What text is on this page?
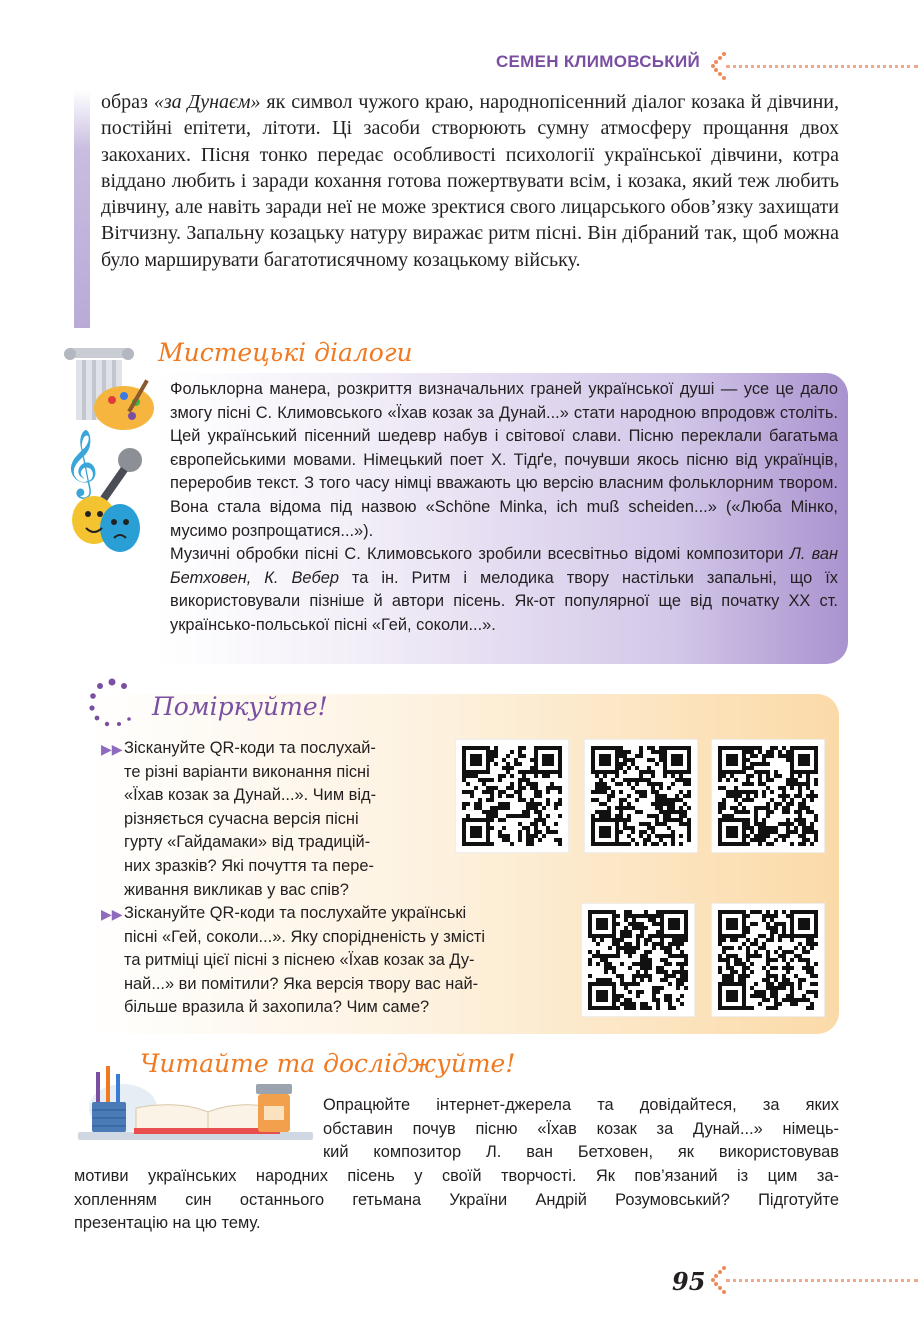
СЕМЕН КЛИМОВСЬКИЙ
образ «за Дунаєм» як символ чужого краю, народнопісенний діалог козака й дівчини, постійні епітети, літоти. Ці засоби створюють сумну атмосферу прощання двох закоханих. Пісня тонко передає особливості психології української дівчини, котра віддано любить і заради кохання готова пожертвувати всім, і козака, який теж любить дівчину, але навіть заради неї не може зректися свого лицарського обов’язку захищати Вітчизну. Запальну козацьку натуру виражає ритм пісні. Він дібраний так, щоб можна було марширувати багатотисячному козацькому війську.
𝄞
Мистецькі діалоги

Фольклорна манера, розкриття визначальних граней української душі — усе це дало змогу пісні С. Климовського «Їхав козак за Дунай...» стати народною впродовж століть. Цей український пісенний шедевр набув і світової слави. Пісню переклали багатьма європейськими мовами. Німецький поет Х. Тідґе, почувши якось пісню від українців, переробив текст. З того часу німці вважають цю версію власним фольклорним твором. Вона стала відома під назвою «Schöne Minka, ich muß scheiden...» («Люба Мінко, мусимо розпрощатися...»).

Музичні обробки пісні С. Климовського зробили всесвітньо відомі композитори Л. ван Бетховен, К. Вебер та ін. Ритм і мелодика твору настільки запальні, що їх використовували пізніше й автори пісень. Як-от популярної ще від початку ХХ ст. українсько-польської пісні «Гей, соколи...».

Поміркуйте!
▶▶ Зіскануйте QR-коди та послухай-
те різні варіанти виконання пісні
«Їхав козак за Дунай...». Чим від-
різняється сучасна версія пісні
гурту «Гайдамаки» від традицій-
них зразків? Які почуття та пере-
живання викликав у вас спів?
▶▶ Зіскануйте QR-коди та послухайте українські
пісні «Гей, соколи...». Яку спорідненість у змісті
та ритміці цієї пісні з піснею «Їхав козак за Ду-
най...» ви помітили? Яка версія твору вас най-
більше вразила й захопила? Чим саме?
Читайте та досліджуйте!
Опрацюйте інтернет-джерела та довідайтеся, за яких
обставин почув пісню «Їхав козак за Дунай...» німець-
кий композитор Л. ван Бетховен, як використовував
мотиви українських народних пісень у своїй творчості. Як пов’язаний із цим за-
хопленням син останнього гетьмана України Андрій Розумовський? Підготуйте
презентацію на цю тему.
95
